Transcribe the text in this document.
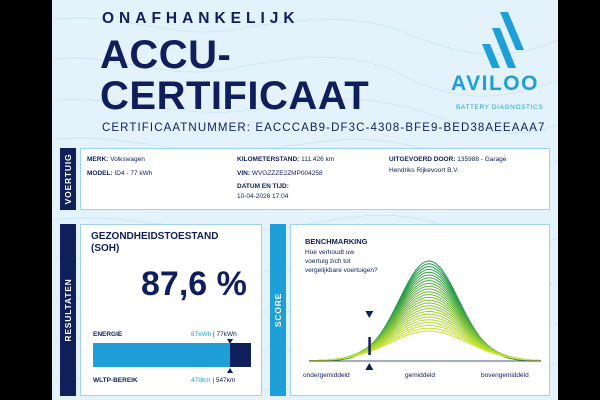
ONAFHANKELIJK
ACCU-
CERTIFICAAT
CERTIFICAATNUMMER: EACCCAB9-DF3C-4308-BFE9-BED38AEEAAA7
AVILOO
BATTERY DIAGNOSTICS
VOERTUIG MERK: Volkswagen
MODEL: ID4 - 77 kWh
KILOMETERSTAND: 111.426 km
VIN: WVGZZZE2ZMP004258
DATUM EN TIJD:
10-04-2026 17:04
UITGEVOERD DOOR: 135988 - Garage
Hendriks Rijkevoort B.V.
RESULTATEN
GEZONDHEIDSTOESTAND
(SOH)
87,6 %
ENERGIE	67kWh | 77kWh
WLTP-BEREIK	479km | 547km
SCORE
BENCHMARKING
Hoe verhoudt uw
voertuig zich tot
vergelijkbare voertuigen?
ondergemiddeld	gemiddeld	bovengemiddeld
